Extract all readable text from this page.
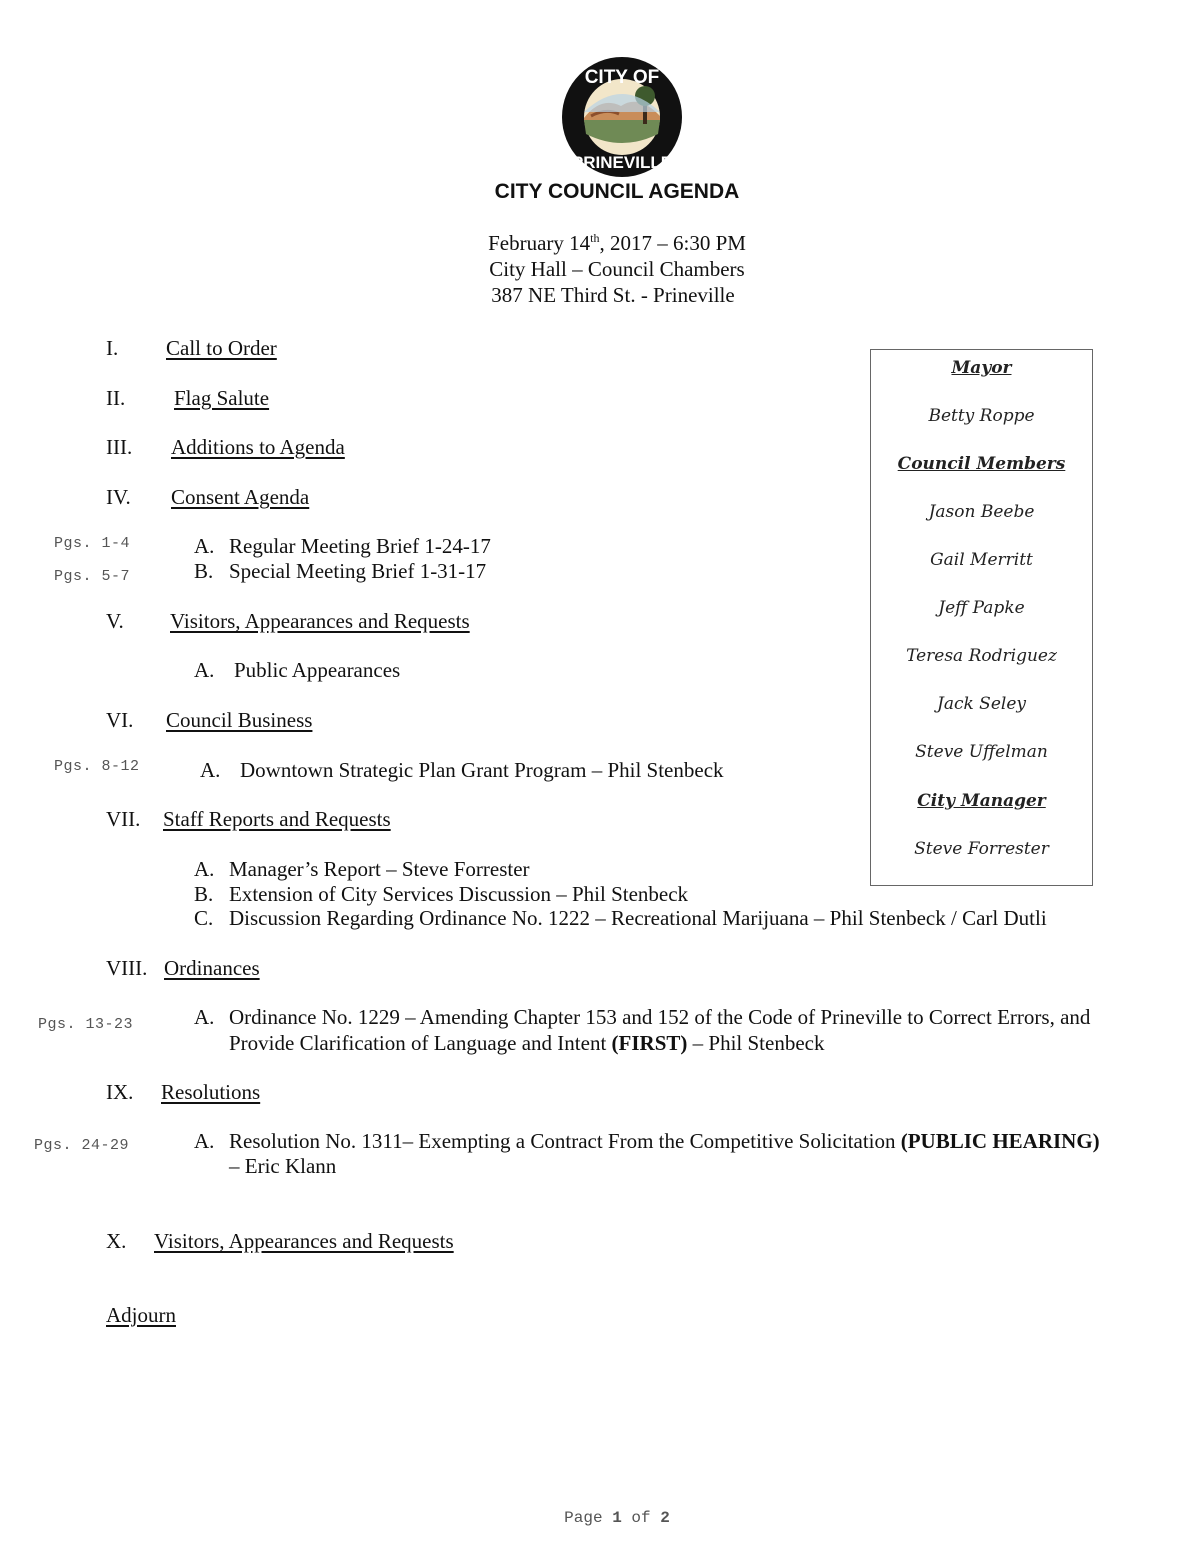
CITY OF
PRINEVILLE
CITY COUNCIL AGENDA
February 14th, 2017 – 6:30 PM
City Hall – Council Chambers
387 NE Third St. - Prineville
I. Call to Order
II. Flag Salute
III. Additions to Agenda
IV. Consent Agenda
Pgs. 1-4	A. Regular Meeting Brief 1-24-17
Pgs. 5-7	B. Special Meeting Brief 1-31-17
V. Visitors, Appearances and Requests
A. Public Appearances
VI. Council Business
Pgs. 8-12	A. Downtown Strategic Plan Grant Program – Phil Stenbeck
VII. Staff Reports and Requests
A. Manager’s Report – Steve Forrester
B. Extension of City Services Discussion – Phil Stenbeck
C. Discussion Regarding Ordinance No. 1222 – Recreational Marijuana – Phil Stenbeck / Carl Dutli
VIII. Ordinances
Pgs. 13-23	A. Ordinance No. 1229 – Amending Chapter 153 and 152 of the Code of Prineville to Correct Errors, and
Provide Clarification of Language and Intent (FIRST) – Phil Stenbeck
IX. Resolutions
Pgs. 24-29	A. Resolution No. 1311– Exempting a Contract From the Competitive Solicitation (PUBLIC HEARING)
– Eric Klann
X. Visitors, Appearances and Requests
Adjourn
Mayor
Betty Roppe
Council Members
Jason Beebe
Gail Merritt
Jeff Papke
Teresa Rodriguez
Jack Seley
Steve Uffelman
City Manager
Steve Forrester
Page 1 of 2
